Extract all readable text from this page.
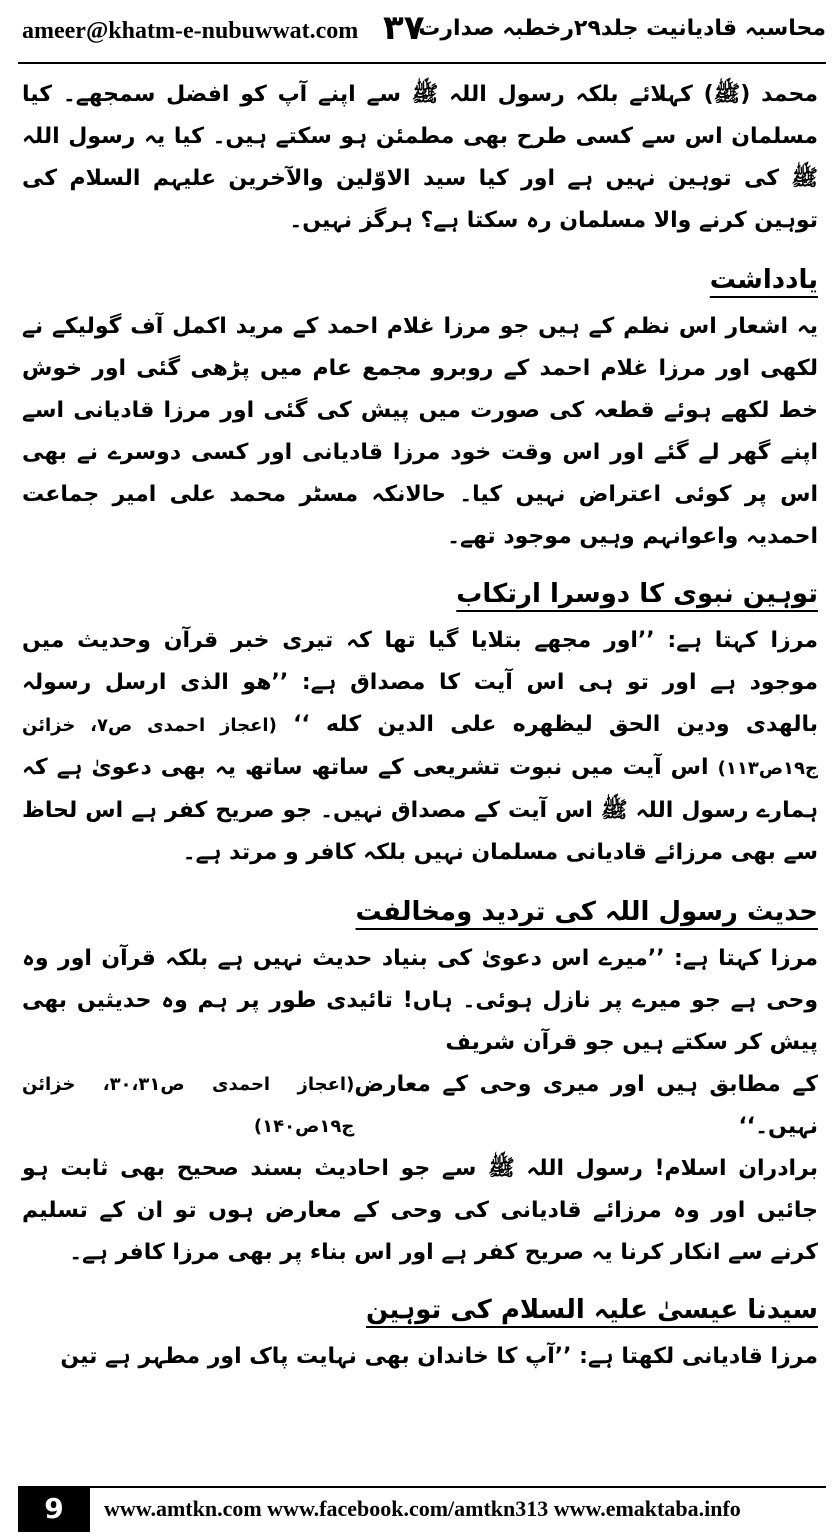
ameer@khatm-e-nubuwwat.com ۳۷
محاسبہ قادیانیت جلد۲۹رخطبہ صدارت

محمد (ﷺ) کہلائے بلکہ رسول اللہ ﷺ سے اپنے آپ کو افضل سمجھے۔ کیا مسلمان اس سے کسی طرح بھی مطمئن ہو سکتے ہیں۔ کیا یہ رسول اللہ ﷺ کی توہین نہیں ہے اور کیا سید الاوّلین والآخرین علیہم السلام کی توہین کرنے والا مسلمان رہ سکتا ہے؟ ہرگز نہیں۔

یادداشت

یہ اشعار اس نظم کے ہیں جو مرزا غلام احمد کے مرید اکمل آف گولیکے نے لکھی اور مرزا غلام احمد کے روبرو مجمع عام میں پڑھی گئی اور خوش خط لکھے ہوئے قطعہ کی صورت میں پیش کی گئی اور مرزا قادیانی اسے اپنے گھر لے گئے اور اس وقت خود مرزا قادیانی اور کسی دوسرے نے بھی اس پر کوئی اعتراض نہیں کیا۔ حالانکہ مسٹر محمد علی امیر جماعت احمدیہ واعوانہم وہیں موجود تھے۔

توہین نبوی کا دوسرا ارتکاب

مرزا کہتا ہے: ’’اور مجھے بتلایا گیا تھا کہ تیری خبر قرآن وحدیث میں موجود ہے اور تو ہی اس آیت کا مصداق ہے: ’’ھو الذی ارسل رسولہ بالھدی ودین الحق ليظهره على الدين كله ‘‘ (اعجاز احمدی ص۷، خزائن ج۱۹ص۱۱۳) اس آیت میں نبوت تشریعی کے ساتھ ساتھ یہ بھی دعویٰ ہے کہ ہمارے رسول اللہ ﷺ اس آیت کے مصداق نہیں۔ جو صریح کفر ہے اس لحاظ سے بھی مرزائے قادیانی مسلمان نہیں بلکہ کافر و مرتد ہے۔

حدیث رسول اللہ کی تردید ومخالفت

مرزا کہتا ہے: ’’میرے اس دعویٰ کی بنیاد حدیث نہیں ہے بلکہ قرآن اور وہ وحی ہے جو میرے پر نازل ہوئی۔ ہاں! تائیدی طور پر ہم وہ حدیثیں بھی پیش کر سکتے ہیں جو قرآن شریف

کے مطابق ہیں اور میری وحی کے معارض نہیں۔‘‘
(اعجاز احمدی ص۳۰،۳۱، خزائن ج۱۹ص۱۴۰)

برادران اسلام! رسول اللہ ﷺ سے جو احادیث بسند صحیح بھی ثابت ہو جائیں اور وہ مرزائے قادیانی کی وحی کے معارض ہوں تو ان کے تسلیم کرنے سے انکار کرنا یہ صریح کفر ہے اور اس بناء پر بھی مرزا کافر ہے۔

سیدنا عیسیٰ علیہ السلام کی توہین

مرزا قادیانی لکھتا ہے: ’’آپ کا خاندان بھی نہایت پاک اور مطہر ہے تین

9	www.amtkn.com www.facebook.com/amtkn313 www.emaktaba.info
